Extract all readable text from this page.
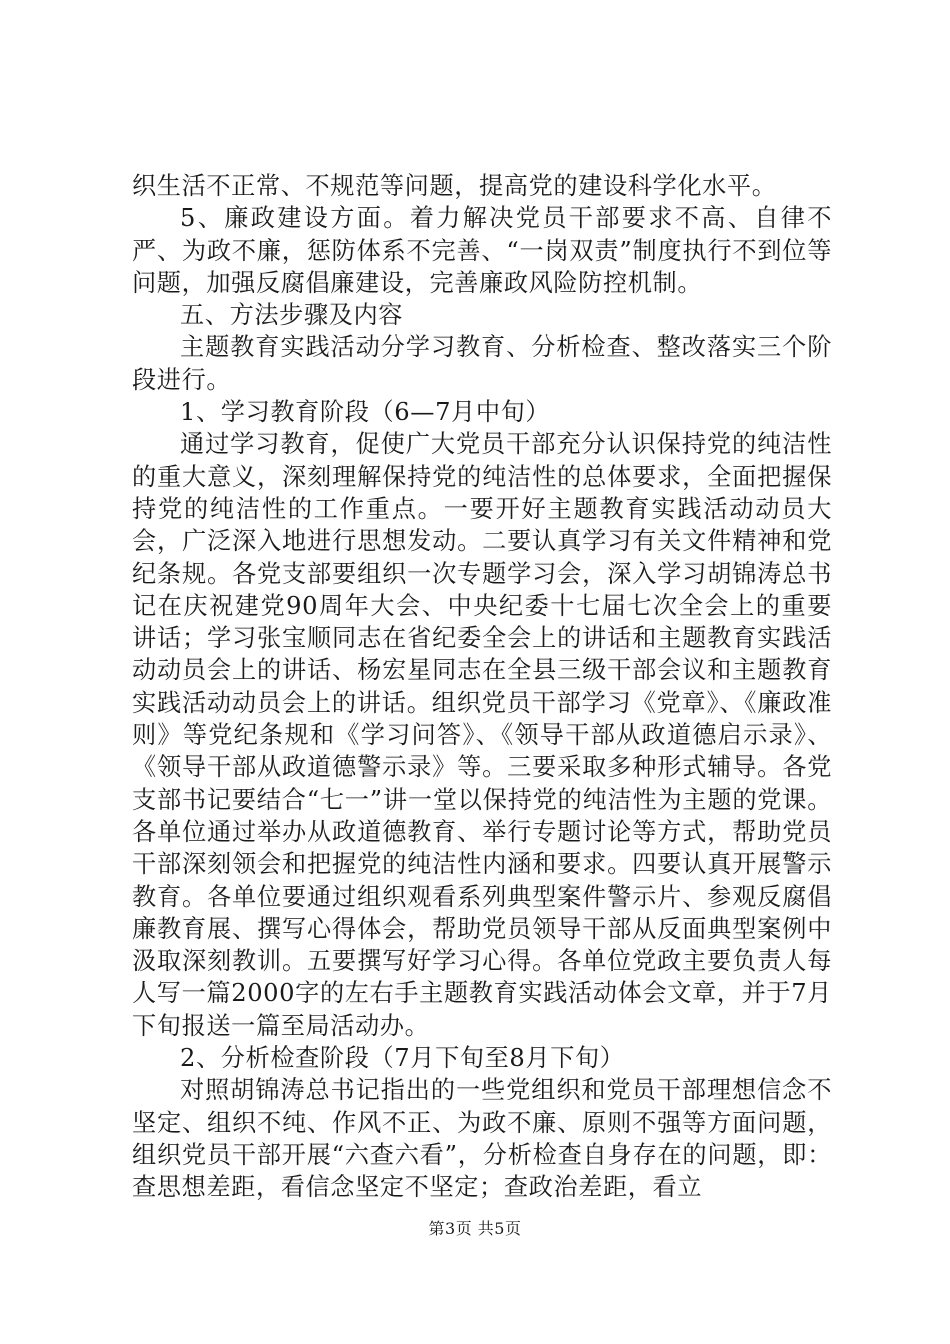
织生活不正常、不规范等问题，提高党的建设科学化水平。

5、廉政建设方面。着力解决党员干部要求不高、自律不严、为政不廉，惩防体系不完善、“一岗双责”制度执行不到位等问题，加强反腐倡廉建设，完善廉政风险防控机制。

五、方法步骤及内容

主题教育实践活动分学习教育、分析检查、整改落实三个阶段进行。

1、学习教育阶段（6—7月中旬）

通过学习教育，促使广大党员干部充分认识保持党的纯洁性的重大意义，深刻理解保持党的纯洁性的总体要求，全面把握保持党的纯洁性的工作重点。一要开好主题教育实践活动动员大会，广泛深入地进行思想发动。二要认真学习有关文件精神和党纪条规。各党支部要组织一次专题学习会，深入学习胡锦涛总书记在庆祝建党90周年大会、中央纪委十七届七次全会上的重要讲话；学习张宝顺同志在省纪委全会上的讲话和主题教育实践活动动员会上的讲话、杨宏星同志在全县三级干部会议和主题教育实践活动动员会上的讲话。组织党员干部学习《党章》、《廉政准则》等党纪条规和《学习问答》、《领导干部从政道德启示录》、《领导干部从政道德警示录》等。三要采取多种形式辅导。各党支部书记要结合“七一”讲一堂以保持党的纯洁性为主题的党课。各单位通过举办从政道德教育、举行专题讨论等方式，帮助党员干部深刻领会和把握党的纯洁性内涵和要求。四要认真开展警示教育。各单位要通过组织观看系列典型案件警示片、参观反腐倡廉教育展、撰写心得体会，帮助党员领导干部从反面典型案例中汲取深刻教训。五要撰写好学习心得。各单位党政主要负责人每人写一篇2000字的左右手主题教育实践活动体会文章，并于7月下旬报送一篇至局活动办。

2、分析检查阶段（7月下旬至8月下旬）

对照胡锦涛总书记指出的一些党组织和党员干部理想信念不坚定、组织不纯、作风不正、为政不廉、原则不强等方面问题，组织党员干部开展“六查六看”，分析检查自身存在的问题，即：查思想差距，看信念坚定不坚定；查政治差距，看立

第3页 共5页
